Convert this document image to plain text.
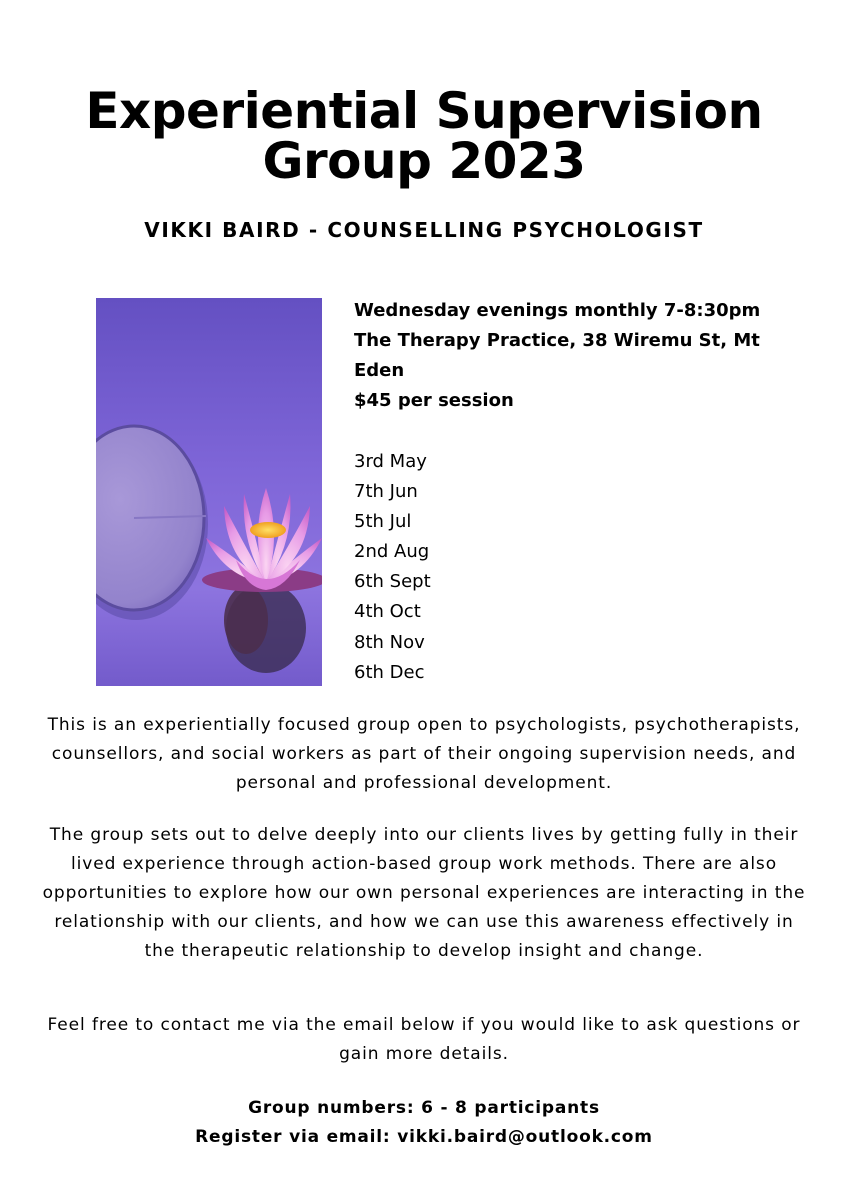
Experiential Supervision
Group 2023
VIKKI BAIRD - COUNSELLING PSYCHOLOGIST
Wednesday evenings monthly 7-8:30pm
The Therapy Practice, 38 Wiremu St, Mt
Eden
$45 per session
3rd May
7th Jun
5th Jul
2nd Aug
6th Sept
4th Oct
8th Nov
6th Dec

This is an experientially focused group open to psychologists, psychotherapists, counsellors, and social workers as part of their ongoing supervision needs, and personal and professional development.

The group sets out to delve deeply into our clients lives by getting fully in their lived experience through action-based group work methods. There are also opportunities to explore how our own personal experiences are interacting in the relationship with our clients, and how we can use this awareness effectively in the therapeutic relationship to develop insight and change.

Feel free to contact me via the email below if you would like to ask questions or gain more details.

Group numbers: 6 - 8 participants
Register via email: vikki.baird@outlook.com
